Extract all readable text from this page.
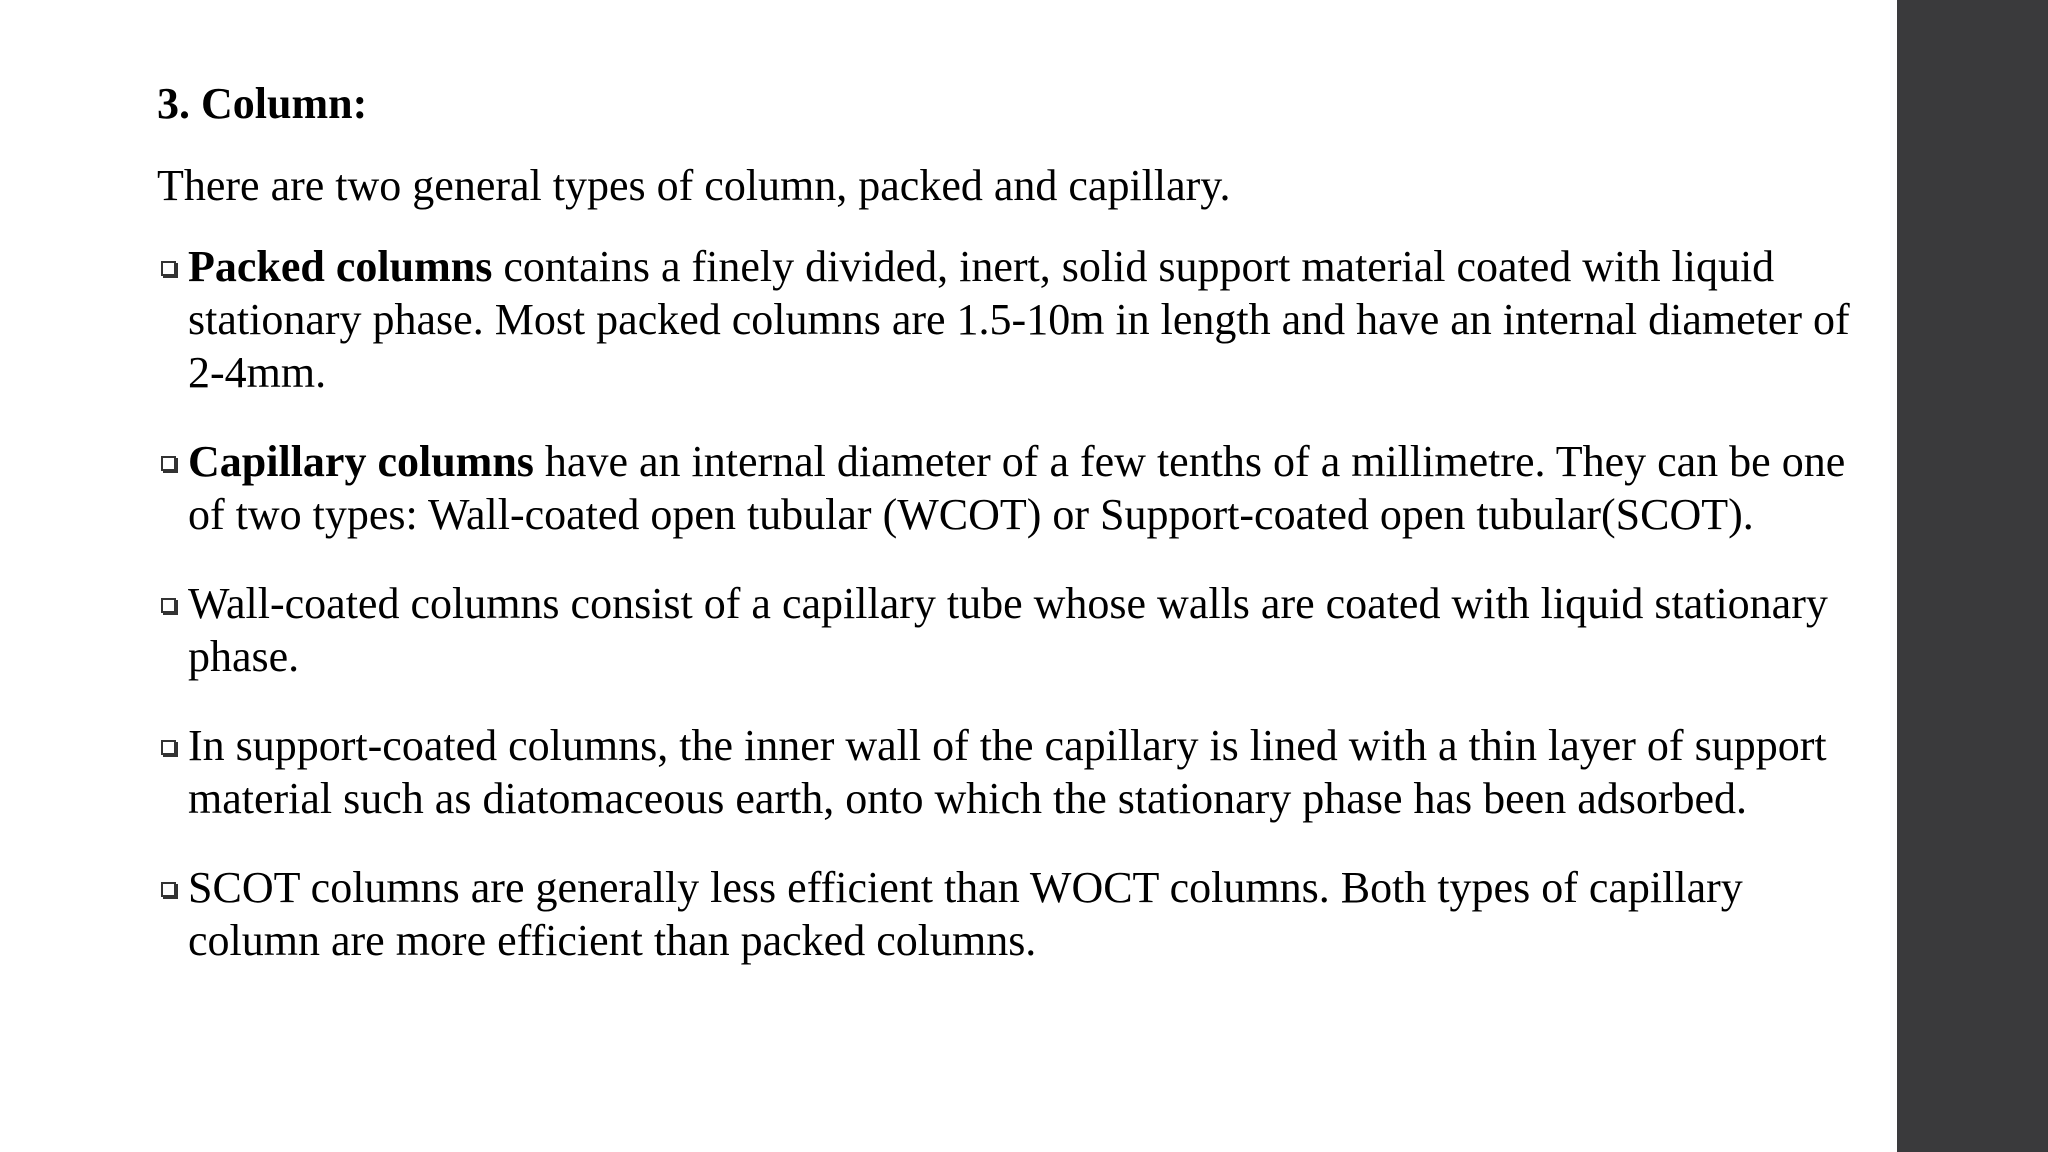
3. Column:
There are two general types of column, packed and capillary.
Packed columns contains a finely divided, inert, solid support material coated with liquid stationary phase. Most packed columns are 1.5-10m in length and have an internal diameter of 2-4mm.
Capillary columns have an internal diameter of a few tenths of a millimetre. They can be one of two types: Wall-coated open tubular (WCOT) or Support-coated open tubular(SCOT).
Wall-coated columns consist of a capillary tube whose walls are coated with liquid stationary phase.
In support-coated columns, the inner wall of the capillary is lined with a thin layer of support material such as diatomaceous earth, onto which the stationary phase has been adsorbed.
SCOT columns are generally less efficient than WOCT columns. Both types of capillary column are more efficient than packed columns.
